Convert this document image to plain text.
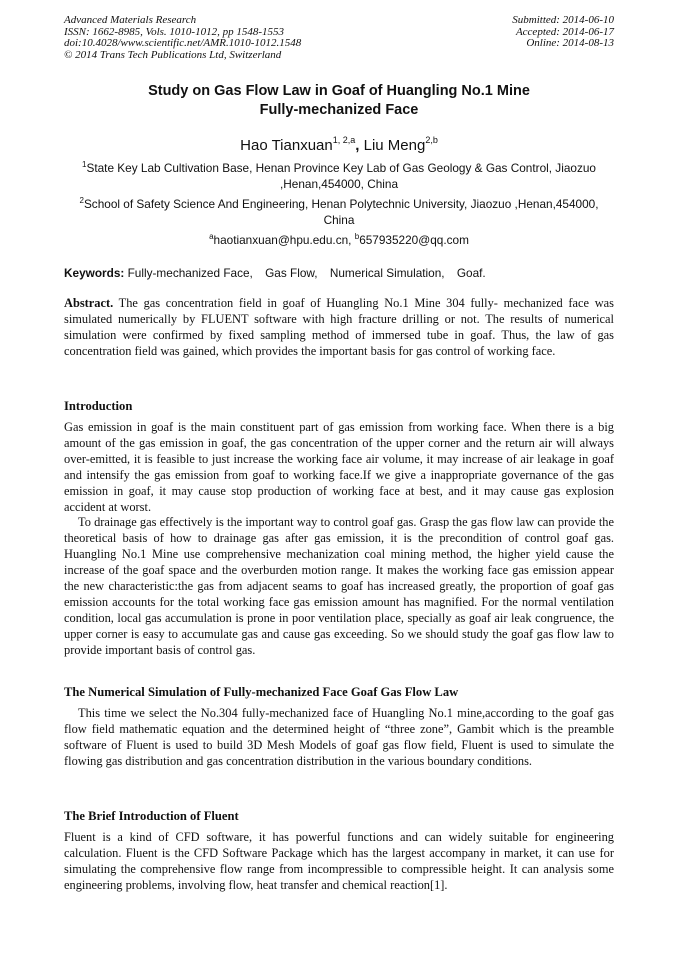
Advanced Materials Research
ISSN: 1662-8985, Vols. 1010-1012, pp 1548-1553
doi:10.4028/www.scientific.net/AMR.1010-1012.1548
© 2014 Trans Tech Publications Ltd, Switzerland
Submitted: 2014-06-10
Accepted: 2014-06-17
Online: 2014-08-13
Study on Gas Flow Law in Goaf of Huangling No.1 Mine
Fully-mechanized Face
Hao Tianxuan$^{1, 2,a}$, Liu Meng$^{2,b}$
$^1$State Key Lab Cultivation Base, Henan Province Key Lab of Gas Geology & Gas Control, Jiaozuo ,Henan,454000, China
$^2$School of Safety Science And Engineering, Henan Polytechnic University, Jiaozuo ,Henan,454000, China
$^a$haotianxuan@hpu.edu.cn, $^b$657935220@qq.com
Keywords: Fully-mechanized Face, Gas Flow, Numerical Simulation, Goaf.
Abstract. The gas concentration field in goaf of Huangling No.1 Mine 304 fully- mechanized face was simulated numerically by FLUENT software with high fracture drilling or not. The results of numerical simulation were confirmed by fixed sampling method of immersed tube in goaf. Thus, the law of gas concentration field was gained, which provides the important basis for gas control of working face.
Introduction

Gas emission in goaf is the main constituent part of gas emission from working face. When there is a big amount of the gas emission in goaf, the gas concentration of the upper corner and the return air will always over-emitted, it is feasible to just increase the working face air volume, it may increase of air leakage in goaf and intensify the gas emission from goaf to working face.If we give a inappropriate governance of the gas emission in goaf, it may cause stop production of working face at best, and it may cause gas explosion accident at worst.

To drainage gas effectively is the important way to control goaf gas. Grasp the gas flow law can provide the theoretical basis of how to drainage gas after gas emission, it is the precondition of control goaf gas. Huangling No.1 Mine use comprehensive mechanization coal mining method, the higher yield cause the increase of the goaf space and the overburden motion range. It makes the working face gas emission appear the new characteristic:the gas from adjacent seams to goaf has increased greatly, the proportion of goaf gas emission accounts for the total working face gas emission amount has magnified. For the normal ventilation condition, local gas accumulation is prone in poor ventilation place, specially as goaf air leak congruence, the upper corner is easy to accumulate gas and cause gas exceeding. So we should study the goaf gas flow law to provide important basis of control gas.

The Numerical Simulation of Fully-mechanized Face Goaf Gas Flow Law

This time we select the No.304 fully-mechanized face of Huangling No.1 mine,according to the goaf gas flow field mathematic equation and the determined height of “three zone”, Gambit which is the preamble software of Fluent is used to build 3D Mesh Models of goaf gas flow field, Fluent is used to simulate the flowing gas distribution and gas concentration distribution in the various boundary conditions.

The Brief Introduction of Fluent

Fluent is a kind of CFD software, it has powerful functions and can widely suitable for engineering calculation. Fluent is the CFD Software Package which has the largest accompany in market, it can use for simulating the comprehensive flow range from incompressible to compressible height. It can analysis some engineering problems, involving flow, heat transfer and chemical reaction[1].
